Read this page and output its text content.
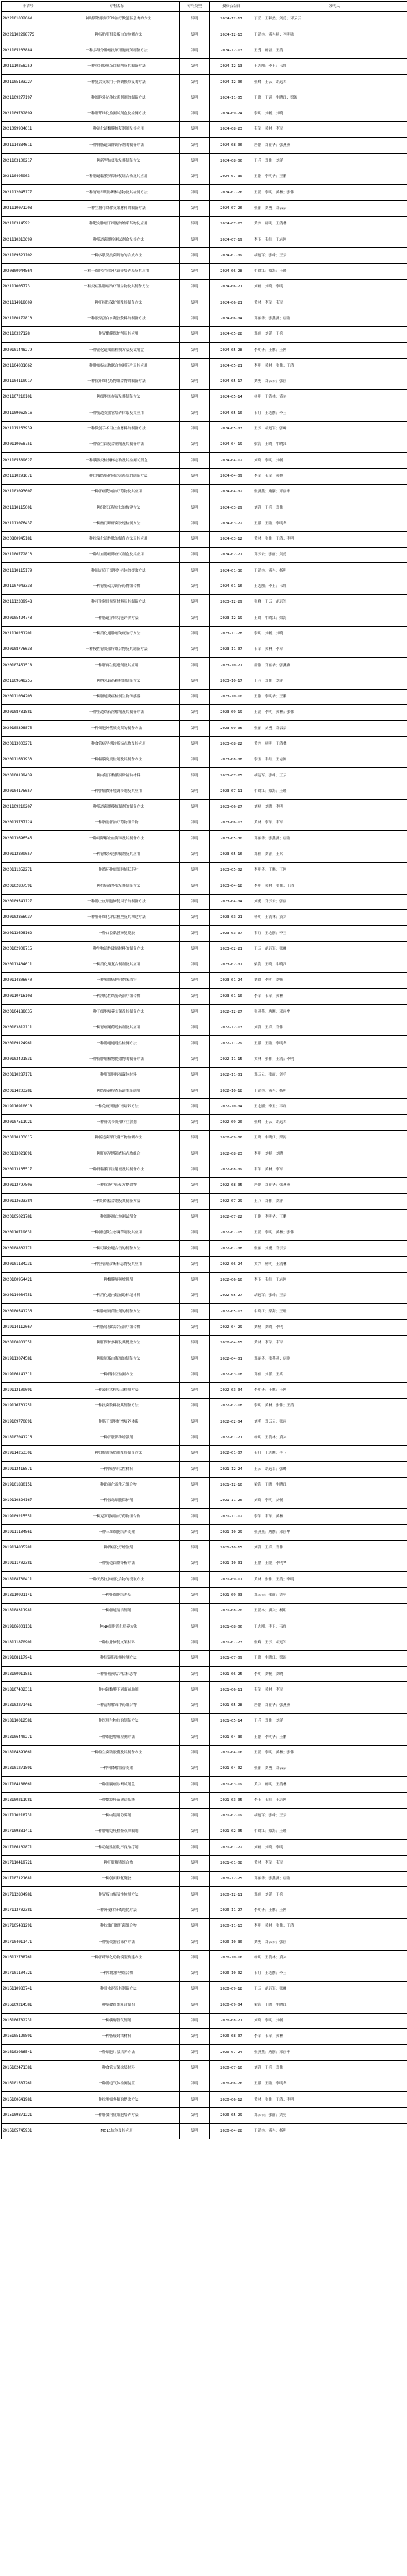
申请号	专利名称	专利类型	授权公告日	发明人
202210103206X	一种时滞性胶原纤维治疗微创肠息肉的方法	发明	2024-12-17	丁岳；王秋然；刘勇；邓云云
2022110229877S	一种脂肪肝相关蛋白的检测方法	发明	2024-12-13	王清林；黄兴杨；李明勋
2021105203884	一种多组分肿瘤抗原细胞疫苗制备方法	发明	2024-12-13	王秀；杨磊；王清
2021110258259	一种重组胶原蛋白制剂及其制备方法	发明	2024-12-13	王志刚；李玉；韦红
2021105103227	一种复合支架用于骨缺损修复的方法	发明	2024-12-06	张峰；王云；胡远军
2021109277197	一种细胞外泌体抗炎制剂的制备方法	发明	2024-11-05	王晓；王茜；牛晓江；梁海
2021109782899	一种肝纤维化检测试剂盒及检测方法	发明	2024-09-24	李明；刘畅；刘晓
2021099934611	一种消化道黏膜修复制剂及其应用	发明	2024-08-23	韦军；黄林；李军
2021114884611	一种胃肠道菌群调节剂的制备方法	发明	2024-08-06	唐刚；邓丽华；张燕燕
2021103100217	一种新型抗炎肽及其制备方法	发明	2024-08-06	王兵；邓伟；刘洋
202110495903	一种肠道黏膜屏障修复组合物及其应用	发明	2024-07-30	王刚；李明华；王鹏
2021112045177	一种胃癌早期诊断标志物及其检测方法	发明	2024-07-26	王清；李明；黄林；张伟
2021110071208	一种生物可降解支架材料的制备方法	发明	2024-07-26	张丽；刘勇；邓云云
202110314592	一种靶向肿瘤干细胞的纳米药物及应用	发明	2024-07-23	黄兴；杨明；王清林
2021110313699	一种肠道菌群检测试剂盒及其方法	发明	2024-07-19	李玉；韦红；王志刚
2021109521102	一种多肽类抗菌药物的合成方法	发明	2024-07-09	胡远军；张峰；王云
2020800944564	一种干细胞定向分化诱导培养基及其应用	发明	2024-06-28	牛晓江；梁海；王晓
202111005773	一种炎症性肠病治疗组合物及其制备方法	发明	2024-06-21	刘畅；刘晓；李明
2021114918009	一种肝损伤保护剂及其制备方法	发明	2024-06-21	黄林；李军；韦军
2021100172810	一种胶原蛋白水凝胶敷料的制备方法	发明	2024-06-04	邓丽华；张燕燕；唐刚
202110327128	一种胃黏膜保护剂及其应用	发明	2024-05-28	邓伟；刘洋；王兵
2020101448279	一种消化道出血检测方法及试剂盒	发明	2024-05-28	李明华；王鹏；王刚
2021104031062	一种肿瘤标志物联合检测芯片及其应用	发明	2024-05-21	李明；黄林；张伟；王清
2021104110917	一种抗纤维化药物组合物的制备方法	发明	2024-05-17	刘勇；邓云云；张丽
2021107210101	一种细胞冻存液及其制备方法	发明	2024-05-14	杨明；王清林；黄兴
2021109062816	一种肠道类器官培养体系及其应用	发明	2024-05-10	韦红；王志刚；李玉
2021115253939	一种微创手术用止血材料的制备方法	发明	2024-05-03	王云；胡远军；张峰
2020110058751	一种益生菌复合制剂及其制备方法	发明	2024-04-19	梁海；王晓；牛晓江
2021105589027	一种胰腺炎检测标志物及其检测试剂盒	发明	2024-04-12	刘晓；李明；刘畅
2021110291671	一种口服结肠靶向递送系统的制备方法	发明	2024-04-09	李军；韦军；黄林
2021103093007	一种肝癌靶向治疗药物及其应用	发明	2024-04-02	张燕燕；唐刚；邓丽华
2021110115001	一种组织工程皮肤的构建方法	发明	2024-03-29	刘洋；王兵；邓伟
2021113076437	一种幽门螺杆菌快速检测方法	发明	2024-03-22	王鹏；王刚；李明华
2020800945181	一种抗氧化活性肽的制备方法及其应用	发明	2024-03-12	黄林；张伟；王清；李明
2021100772813	一种结直肠癌筛查试剂盒及其应用	发明	2024-02-27	邓云云；张丽；刘勇
2021110115179	一种间充质干细胞外泌体的提取方法	发明	2024-01-30	王清林；黄兴；杨明
2021107043333	一种胃肠动力调节药物组合物	发明	2024-01-16	王志刚；李玉；韦红
2021112339948	一种可注射骨修复材料及其制备方法	发明	2023-12-29	张峰；王云；胡远军
2020105424743	一种肠道屏障功能评价方法	发明	2023-12-19	王晓；牛晓江；梁海
2021110261201	一种消化道肿瘤免疫治疗方法	发明	2023-11-28	李明；刘畅；刘晓
2020108776633	一种慢性胃炎治疗组合物及其制备方法	发明	2023-11-07	韦军；黄林；李军
2020107451518	一种肝再生促进剂及其应用	发明	2023-10-27	唐刚；邓丽华；张燕燕
2021109648255	一种纳米载药颗粒的制备方法	发明	2023-10-17	王兵；邓伟；刘洋
2020111004203	一种肠道炎症检测生物传感器	发明	2023-10-10	王刚；李明华；王鹏
2020108731881	一种胆道结石溶解剂及其制备方法	发明	2023-09-19	王清；李明；黄林；张伟
2020105398875	一种细胞外基质支架的制备方法	发明	2023-09-05	张丽；刘勇；邓云云
2020113003271	一种食管癌早期诊断标志物及其应用	发明	2023-08-22	黄兴；杨明；王清林
2020111681933	一种黏膜免疫佐剂及其制备方法	发明	2023-08-08	李玉；韦红；王志刚
2020108189439	一种内镜下黏膜切除辅助材料	发明	2023-07-25	胡远军；张峰；王云
2020104175657	一种肿瘤微环境调节剂及其应用	发明	2023-07-11	牛晓江；梁海；王晓
2021109210207	一种肠道菌群移植制剂的制备方法	发明	2023-06-27	刘畅；刘晓；李明
2020115767124	一种脂肪肝治疗药物组合物	发明	2023-06-13	黄林；李军；韦军
2020113696545	一种可降解止血海绵及其制备方法	发明	2023-05-30	邓丽华；张燕燕；唐刚
2020112809057	一种胃酸分泌抑制剂及其应用	发明	2023-05-16	邓伟；刘洋；王兵
2020111352271	一种循环肿瘤细胞捕获芯片	发明	2023-05-02	李明华；王鹏；王刚
2020102807591	一种抗病毒多肽及其制备方法	发明	2023-04-18	李明；黄林；张伟；王清
2020109541127	一种肠上皮细胞修复因子的制备方法	发明	2023-04-04	刘勇；邓云云；张丽
2020102866937	一种肝纤维化评估模型及其构建方法	发明	2023-03-21	杨明；王清林；黄兴
2020113698162	一种口腔黏膜修复凝胶	发明	2023-03-07	韦红；王志刚；李玉
2020102908715	一种生物活性玻璃材料的制备方法	发明	2023-02-21	王云；胡远军；张峰
2020113404011	一种消化酶复合制剂及其应用	发明	2023-02-07	梁海；王晓；牛晓江
2020114806640	一种胰腺癌靶向纳米探针	发明	2023-01-24	刘晓；李明；刘畅
2020110716108	一种溃疡性结肠炎治疗组合物	发明	2023-01-10	李军；韦军；黄林
2020104188035	一种干细胞培养支架及其制备方法	发明	2022-12-27	张燕燕；唐刚；邓丽华
2020103812111	一种胃癌耐药逆转剂及其应用	发明	2022-12-13	刘洋；王兵；邓伟
2020109124961	一种肠道通透性检测方法	发明	2022-11-29	王鹏；王刚；李明华
2020103421831	一种抗肿瘤植物提取物的制备方法	发明	2022-11-15	黄林；张伟；王清；李明
2020110287171	一种肝细胞移植载体材料	发明	2022-11-01	邓云云；张丽；刘勇
2020114203281	一种结肠镜检查肠道准备制剂	发明	2022-10-18	王清林；黄兴；杨明
2019116910018	一种免疫细胞扩增培养方法	发明	2022-10-04	王志刚；李玉；韦红
2020107511921	一种骨关节炎治疗注射剂	发明	2022-09-20	张峰；王云；胡远军
2020110133015	一种肠道菌群代谢产物检测方法	发明	2022-09-06	王晓；牛晓江；梁海
2020113021891	一种肝癌早期筛查标志物组合	发明	2022-08-23	李明；刘畅；刘晓
2020113105517	一种胃黏膜下注射液及其制备方法	发明	2022-08-09	韦军；黄林；李军
2020112797506	一种抗炎中药复方提取物	发明	2022-08-05	唐刚；邓丽华；张燕燕
2020113623384	一种组织粘合剂及其制备方法	发明	2022-07-29	王兵；邓伟；刘洋
2020105021781	一种细胞凋亡检测试剂盒	发明	2022-07-22	王刚；李明华；王鹏
2020110719031	一种肠道微生态调节剂及其应用	发明	2022-07-15	王清；李明；黄林；张伟
2020108802171	一种可吸收缝合线的制备方法	发明	2022-07-08	张丽；刘勇；邓云云
2020101184231	一种胆管癌诊断标志物及其应用	发明	2022-06-24	黄兴；杨明；王清林
2020100954421	一种黏膜屏障增强剂	发明	2022-06-10	李玉；韦红；王志刚
2020114034751	一种消化道内镜辅助标记材料	发明	2022-05-27	胡远军；张峰；王云
2020100541236	一种肿瘤疫苗佐剂的制备方法	发明	2022-05-13	牛晓江；梁海；王晓
2019114112067	一种肠易激综合征治疗组合物	发明	2022-04-29	刘畅；刘晓；李明
2020100801351	一种肝保护多糖及其提取方法	发明	2022-04-15	黄林；李军；韦军
2019113074581	一种胶原蛋白海绵的制备方法	发明	2022-04-01	邓丽华；张燕燕；唐刚
2019106141311	一种胃排空检测方法	发明	2022-03-18	邓伟；刘洋；王兵
2019112109091	一种液体活检基因检测方法	发明	2022-03-04	李明华；王鹏；王刚
2019116701251	一种抗菌敷料及其制备方法	发明	2022-02-18	李明；黄林；张伟；王清
2019109770891	一种肠干细胞扩增培养体系	发明	2022-02-04	刘勇；邓云云；张丽
2018107041216	一种肝脏影像增强剂	发明	2022-01-21	杨明；王清林；黄兴
2019114263301	一种口腔溃疡贴剂及其制备方法	发明	2022-01-07	韦红；王志刚；李玉
2019112416871	一种骨诱导活性材料	发明	2021-12-24	王云；胡远军；张峰
2019101880151	一种助消化益生元组合物	发明	2021-12-10	梁海；王晓；牛晓江
2019110324167	一种胰岛细胞保护剂	发明	2021-11-26	刘晓；李明；刘畅
2019109215551	一种克罗恩病治疗药物组合物	发明	2021-11-12	李军；韦军；黄林
2019111134861	一种三维细胞培养支架	发明	2021-10-29	张燕燕；唐刚；邓丽华
2019114805281	一种胃癌化疗增敏剂	发明	2021-10-15	刘洋；王兵；邓伟
2019111702381	一种肠道菌群分析方法	发明	2021-10-01	王鹏；王刚；李明华
2018108730411	一种天然抗肿瘤化合物的提取方法	发明	2021-09-17	黄林；张伟；王清；李明
2018110921141	一种肝细胞培养基	发明	2021-09-03	邓云云；张丽；刘勇
2018108311981	一种肠道清洁制剂	发明	2021-08-20	王清林；黄兴；杨明
2019106001131	一种NK细胞活化培养方法	发明	2021-08-06	王志刚；李玉；韦红
2018111870901	一种软骨修复支架材料	发明	2021-07-23	张峰；王云；胡远军
2019108117941	一种短链脂肪酸检测方法	发明	2021-07-09	王晓；牛晓江；梁海
2018100911851	一种肝癌预后评估标志物	发明	2021-06-25	李明；刘畅；刘晓
2018107402311	一种内镜黏膜下剥离辅助剂	发明	2021-06-11	韦军；黄林；李军
2018103271461	一种清热解毒中药组合物	发明	2021-05-28	唐刚；邓丽华；张燕燕
2018110012581	一种医用生物胶的制备方法	发明	2021-05-14	王兵；邓伟；刘洋
2018106440271	一种细胞增殖检测方法	发明	2021-04-30	王刚；李明华；王鹏
2018104391061	一种益生菌微胶囊及其制备方法	发明	2021-04-16	王清；李明；黄林；张伟
2018101271891	一种可降解血管支架	发明	2021-04-02	张丽；刘勇；邓云云
2017104188061	一种胆囊癌诊断试剂盒	发明	2021-03-19	黄兴；杨明；王清林
2018100211981	一种黏膜疫苗递送系统	发明	2021-03-05	李玉；韦红；王志刚
2017110218731	一种内镜用防雾剂	发明	2021-02-19	胡远军；张峰；王云
2017109381411	一种肿瘤免疫检查点抑制剂	发明	2021-02-05	牛晓江；梁海；王晓
2017106102871	一种功能性消化不良治疗剂	发明	2021-01-22	刘畅；刘晓；李明
2017110419721	一种肝脏解毒组合物	发明	2021-01-08	黄林；李军；韦军
2017107121681	一种创面修复凝胶	发明	2020-12-25	邓丽华；张燕燕；唐刚
2017112804981	一种胃蛋白酶活性检测方法	发明	2020-12-11	邓伟；刘洋；王兵
2017113702381	一种外泌体分离纯化方法	发明	2020-11-27	李明华；王鹏；王刚
2017105481291	一种抗幽门螺杆菌组合物	发明	2020-11-13	李明；黄林；张伟；王清
2017104011471	一种肠类器官冻存方法	发明	2020-10-30	刘勇；邓云云；张丽
2016112708761	一种肝纤维化动物模型构建方法	发明	2020-10-16	杨明；王清林；黄兴
2017101104721	一种口腔护理组合物	发明	2020-10-02	韦红；王志刚；李玉
2016110983741	一种骨水泥及其制备方法	发明	2020-09-18	王云；胡远军；张峰
2016109214581	一种膳食纤维复合制剂	发明	2020-09-04	梁海；王晓；牛晓江
2016106782231	一种胰酶替代制剂	发明	2020-08-21	刘晓；李明；刘畅
2016105120891	一种肠瘘封堵材料	发明	2020-08-07	李军；韦军；黄林
2016103986541	一种细胞片层培养方法	发明	2020-07-24	张燕燕；唐刚；邓丽华
2016102471381	一种食管支架涂层材料	发明	2020-07-10	刘洋；王兵；邓伟
2016101587261	一种肠道气体检测装置	发明	2020-06-26	王鹏；王刚；李明华
2016100641981	一种抗肿瘤多糖的提取方法	发明	2020-06-12	黄林；张伟；王清；李明
2015109871221	一种肝窦内皮细胞培养方法	发明	2020-05-29	邓云云；张丽；刘勇
2016105745931	MDL1抗体及其应用	发明	2020-04-28	王清林；黄兴；杨明
